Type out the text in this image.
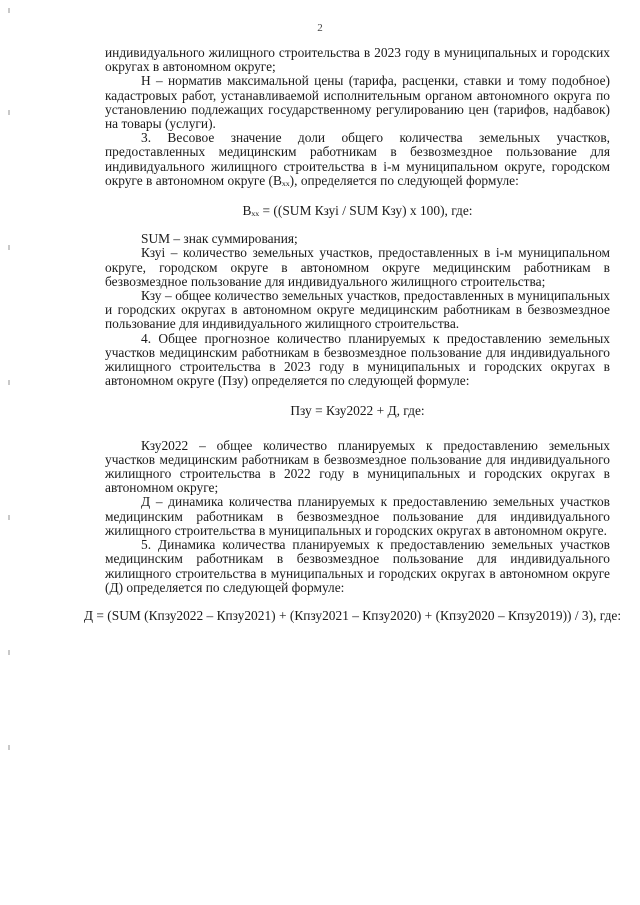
2

индивидуального жилищного строительства в 2023 году в муниципальных и городских округах в автономном округе;

Н – норматив максимальной цены (тарифа, расценки, ставки и тому подобное) кадастровых работ, устанавливаемой исполнительным органом автономного округа по установлению подлежащих государственному регулированию цен (тарифов, надбавок) на товары (услуги).

3. Весовое значение доли общего количества земельных участков, предоставленных медицинским работникам в безвозмездное пользование для индивидуального жилищного строительства в i-м муниципальном округе, городском округе в автономном округе (Вₓₓ), определяется по следующей формуле:

Вₓₓ = ((SUM Кзуi / SUM Кзу) x 100), где:

SUM – знак суммирования;

Кзуi – количество земельных участков, предоставленных в i-м муниципальном округе, городском округе в автономном округе медицинским работникам в безвозмездное пользование для индивидуального жилищного строительства;

Кзу – общее количество земельных участков, предоставленных в муниципальных и городских округах в автономном округе медицинским работникам в безвозмездное пользование для индивидуального жилищного строительства.

4. Общее прогнозное количество планируемых к предоставлению земельных участков медицинским работникам в безвозмездное пользование для индивидуального жилищного строительства в 2023 году в муниципальных и городских округах в автономном округе (Пзу) определяется по следующей формуле:

Пзу = Кзу2022 + Д, где:

Кзу2022 – общее количество планируемых к предоставлению земельных участков медицинским работникам в безвозмездное пользование для индивидуального жилищного строительства в 2022 году в муниципальных и городских округах в автономном округе;

Д – динамика количества планируемых к предоставлению земельных участков медицинским работникам в безвозмездное пользование для индивидуального жилищного строительства в муниципальных и городских округах в автономном округе.

5. Динамика количества планируемых к предоставлению земельных участков медицинским работникам в безвозмездное пользование для индивидуального жилищного строительства в муниципальных и городских округах в автономном округе (Д) определяется по следующей формуле:

Д = (SUM (Кпзу2022 – Кпзу2021) + (Кпзу2021 – Кпзу2020) + (Кпзу2020 – Кпзу2019)) / 3), где:
